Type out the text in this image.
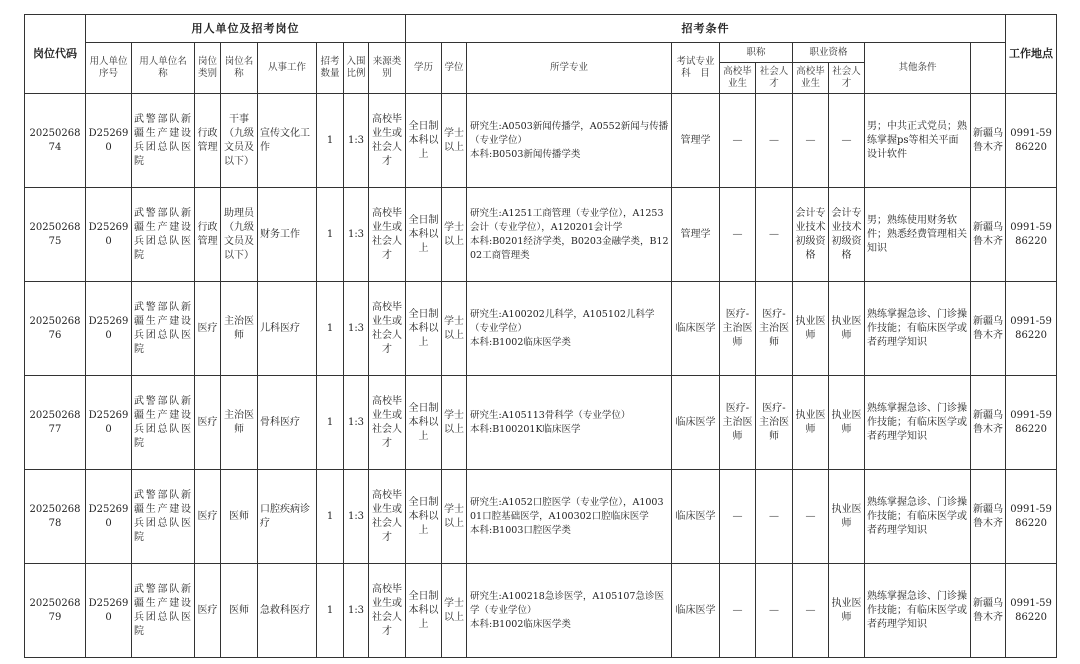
岗位代码	用人单位及招考岗位								招考条件										工作地点	
	用人单位序号	用人单位名 称	岗位类别	岗位名称	从事工作	招考数量	入围比例	来源类别	学历	学位	所学专业	考试专业科　目	职称		职业资格		其他条件			
													高校毕业生	社会人才	高校毕业生	社会人才				
2025026874	D252690	武警部队新疆生产建设兵团总队医院	行政管理	干事（九级文员及以下）	宣传文化工作	1	1:3	高校毕业生或社会人才	全日制本科以上	学士以上	研究生:A0503新闻传播学，A0552新闻与传播（专业学位）
本科:B0503新闻传播学类	管理学	—	—	—	—	男；中共正式党员；熟练掌握ps等相关平面设计软件	新疆乌鲁木齐	0991-5986220	
2025026875	D252690	武警部队新疆生产建设兵团总队医院	行政管理	助理员（九级文员及以下）	财务工作	1	1:3	高校毕业生或社会人才	全日制本科以上	学士以上	研究生:A1251工商管理（专业学位），A1253会计（专业学位），A120201会计学
本科:B0201经济学类，B0203金融学类，B1202工商管理类	管理学	—	—	会计专业技术初级资格	会计专业技术初级资格	男；熟练使用财务软件；熟悉经费管理相关知识	新疆乌鲁木齐	0991-5986220	
2025026876	D252690	武警部队新疆生产建设兵团总队医院	医疗	主治医师	儿科医疗	1	1:3	高校毕业生或社会人才	全日制本科以上	学士以上	研究生:A100202儿科学，A105102儿科学（专业学位）
本科:B1002临床医学类	临床医学	医疗-主治医师	医疗-主治医师	执业医师	执业医师	熟练掌握急诊、门诊操作技能；有临床医学或者药理学知识	新疆乌鲁木齐	0991-5986220	
2025026877	D252690	武警部队新疆生产建设兵团总队医院	医疗	主治医师	骨科医疗	1	1:3	高校毕业生或社会人才	全日制本科以上	学士以上	研究生:A105113骨科学（专业学位）
本科:B100201K临床医学	临床医学	医疗-主治医师	医疗-主治医师	执业医师	执业医师	熟练掌握急诊、门诊操作技能；有临床医学或者药理学知识	新疆乌鲁木齐	0991-5986220	
2025026878	D252690	武警部队新疆生产建设兵团总队医院	医疗	医师	口腔疾病诊疗	1	1:3	高校毕业生或社会人才	全日制本科以上	学士以上	研究生:A1052口腔医学（专业学位），A100301口腔基础医学，A100302口腔临床医学
本科:B1003口腔医学类	临床医学	—	—	—	执业医师	熟练掌握急诊、门诊操作技能；有临床医学或者药理学知识	新疆乌鲁木齐	0991-5986220	
2025026879	D252690	武警部队新疆生产建设兵团总队医院	医疗	医师	急救科医疗	1	1:3	高校毕业生或社会人才	全日制本科以上	学士以上	研究生:A100218急诊医学，A105107急诊医学（专业学位）
本科:B1002临床医学类	临床医学	—	—	—	执业医师	熟练掌握急诊、门诊操作技能；有临床医学或者药理学知识	新疆乌鲁木齐	0991-5986220	
